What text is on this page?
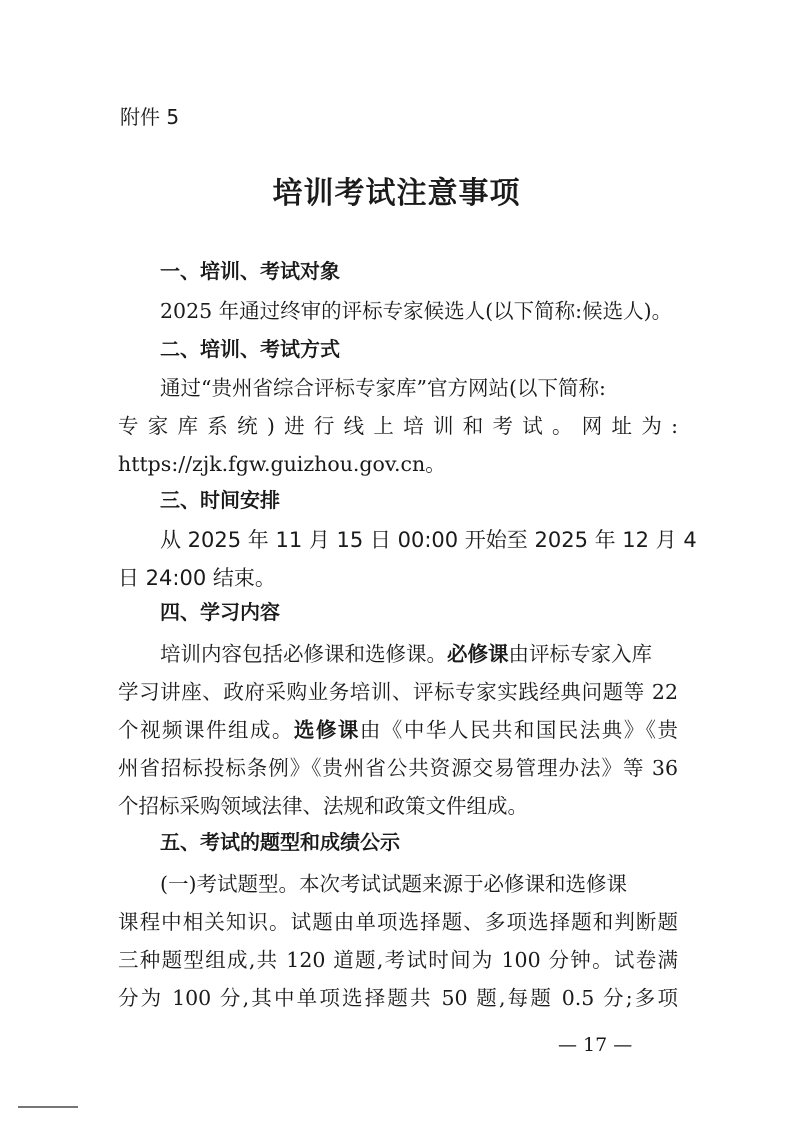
附件 5
培训考试注意事项
一、培训、考试对象
2025 年通过终审的评标专家候选人(以下简称:候选人)。
二、培训、考试方式
通过“贵州省综合评标专家库”官方网站(以下简称:
专家库系统)进行线上培训和考试。网址为:
https://zjk.fgw.guizhou.gov.cn。
三、时间安排
从 2025 年 11 月 15 日 00:00 开始至 2025 年 12 月 4
日 24:00 结束。
四、学习内容
培训内容包括必修课和选修课。必修课由评标专家入库
学习讲座、政府采购业务培训、评标专家实践经典问题等 22
个视频课件组成。选修课由《中华人民共和国民法典》《贵
州省招标投标条例》《贵州省公共资源交易管理办法》等 36
个招标采购领域法律、法规和政策文件组成。
五、考试的题型和成绩公示
(一)考试题型。本次考试试题来源于必修课和选修课
课程中相关知识。试题由单项选择题、多项选择题和判断题
三种题型组成,共 120 道题,考试时间为 100 分钟。试卷满
分为 100 分,其中单项选择题共 50 题,每题 0.5 分;多项
— 17 —
